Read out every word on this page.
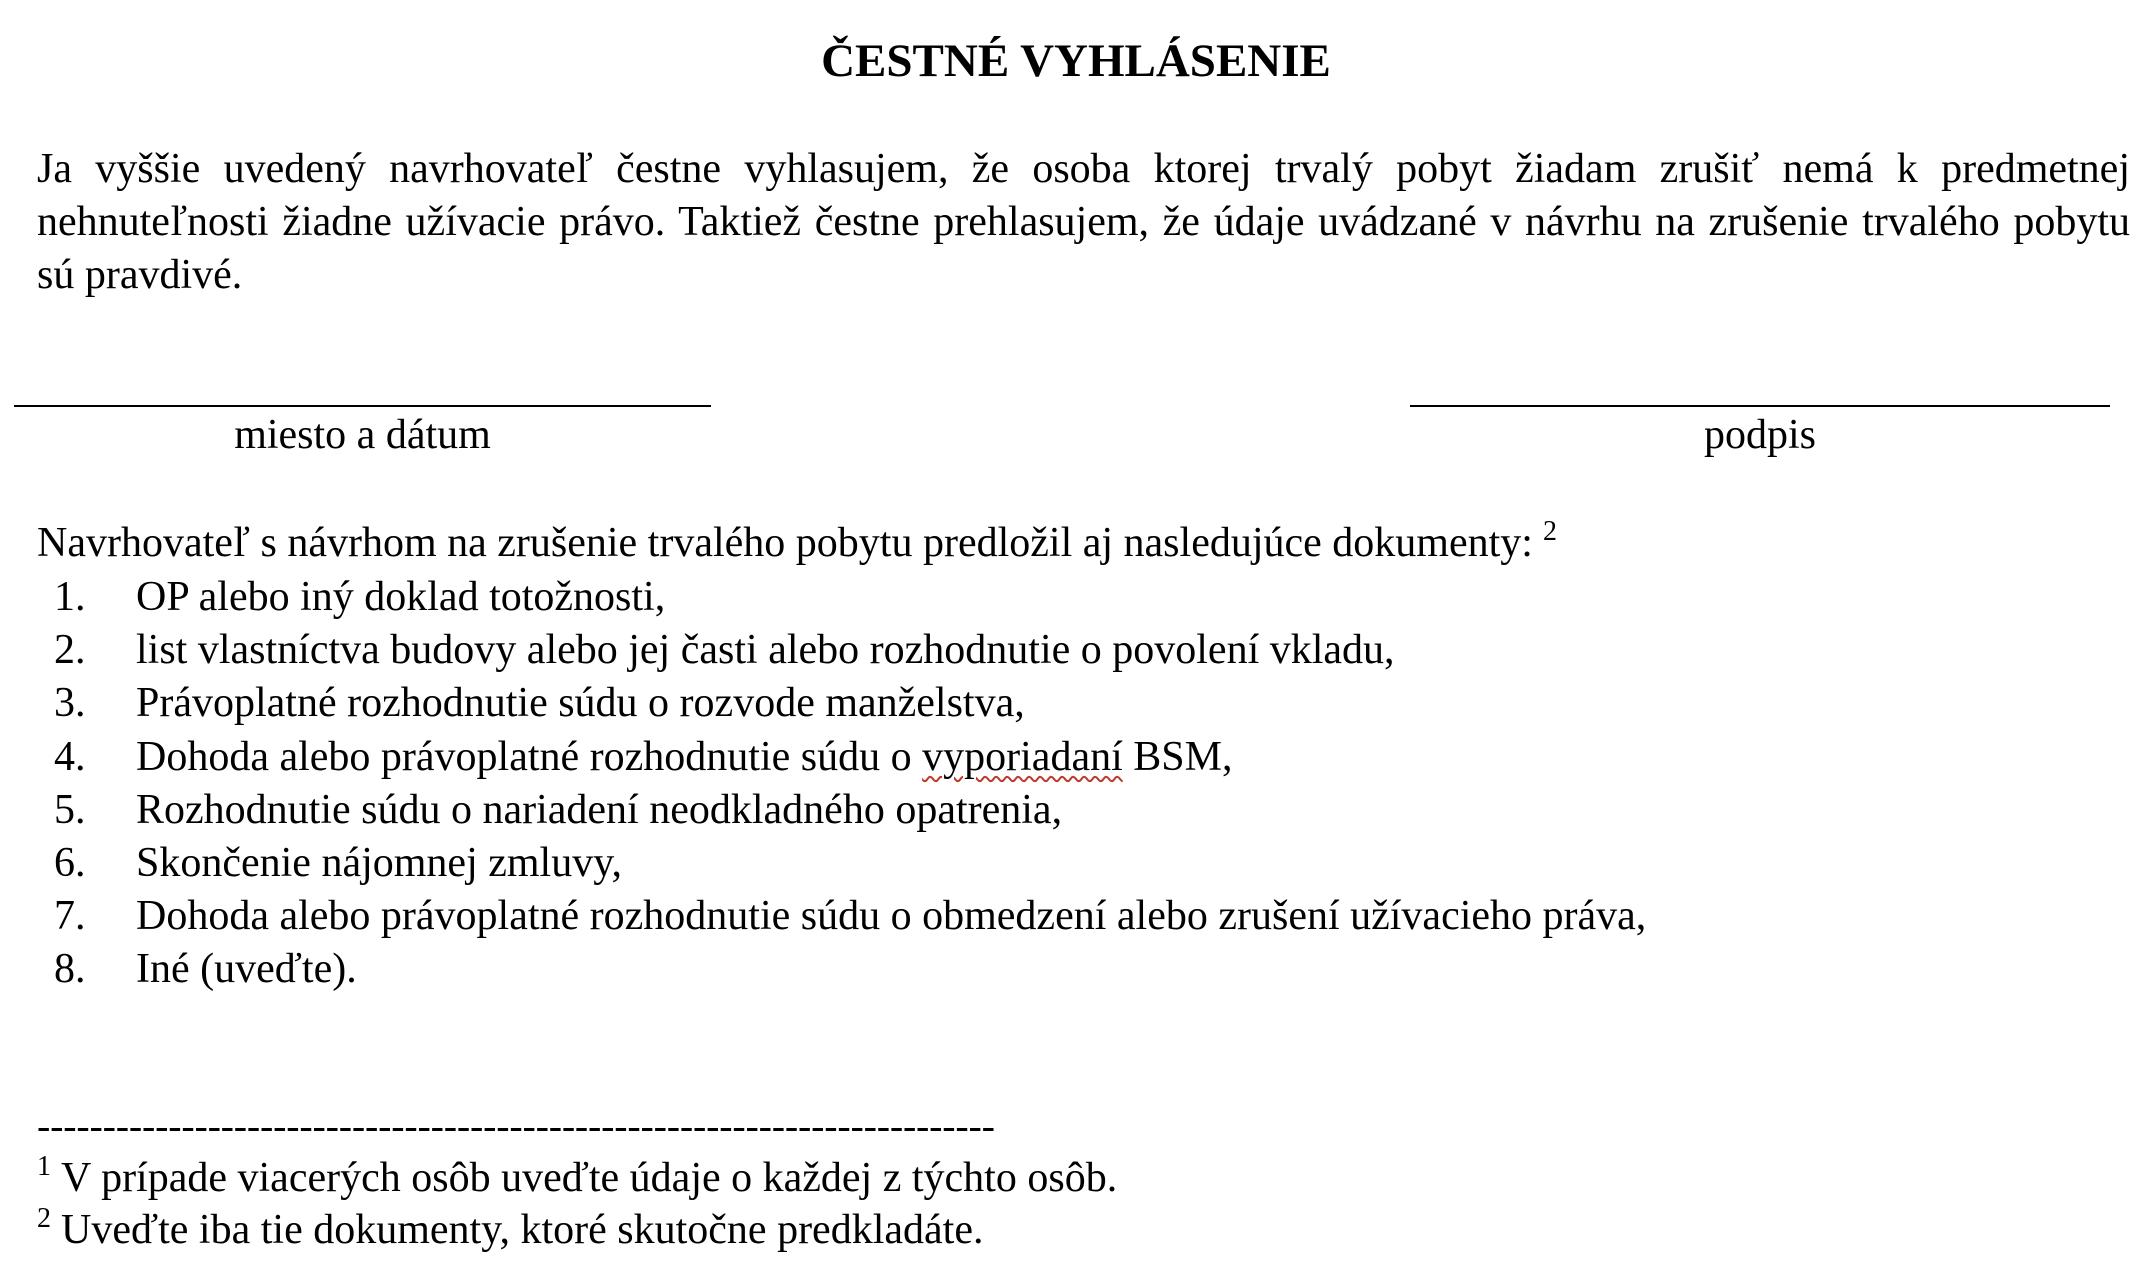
ČESTNÉ VYHLÁSENIE

Ja vyššie uvedený navrhovateľ čestne vyhlasujem, že osoba ktorej trvalý pobyt žiadam zrušiť nemá k predmetnej nehnuteľnosti žiadne užívacie právo. Taktiež čestne prehlasujem, že údaje uvádzané v návrhu na zrušenie trvalého pobytu sú pravdivé.

miesto a dátum	podpis
Navrhovateľ s návrhom na zrušenie trvalého pobytu predložil aj nasledujúce dokumenty: $^2$
1. OP alebo iný doklad totožnosti,
2. list vlastníctva budovy alebo jej časti alebo rozhodnutie o povolení vkladu,
3. Právoplatné rozhodnutie súdu o rozvode manželstva,
4. Dohoda alebo právoplatné rozhodnutie súdu o vyporiadaní BSM,
5. Rozhodnutie súdu o nariadení neodkladného opatrenia,
6. Skončenie nájomnej zmluvy,
7. Dohoda alebo právoplatné rozhodnutie súdu o obmedzení alebo zrušení užívacieho práva,
8. Iné (uveďte).
-------------------------------------------------------------------------
$^1$ V prípade viacerých osôb uveďte údaje o každej z týchto osôb.
$^2$ Uveďte iba tie dokumenty, ktoré skutočne predkladáte.
